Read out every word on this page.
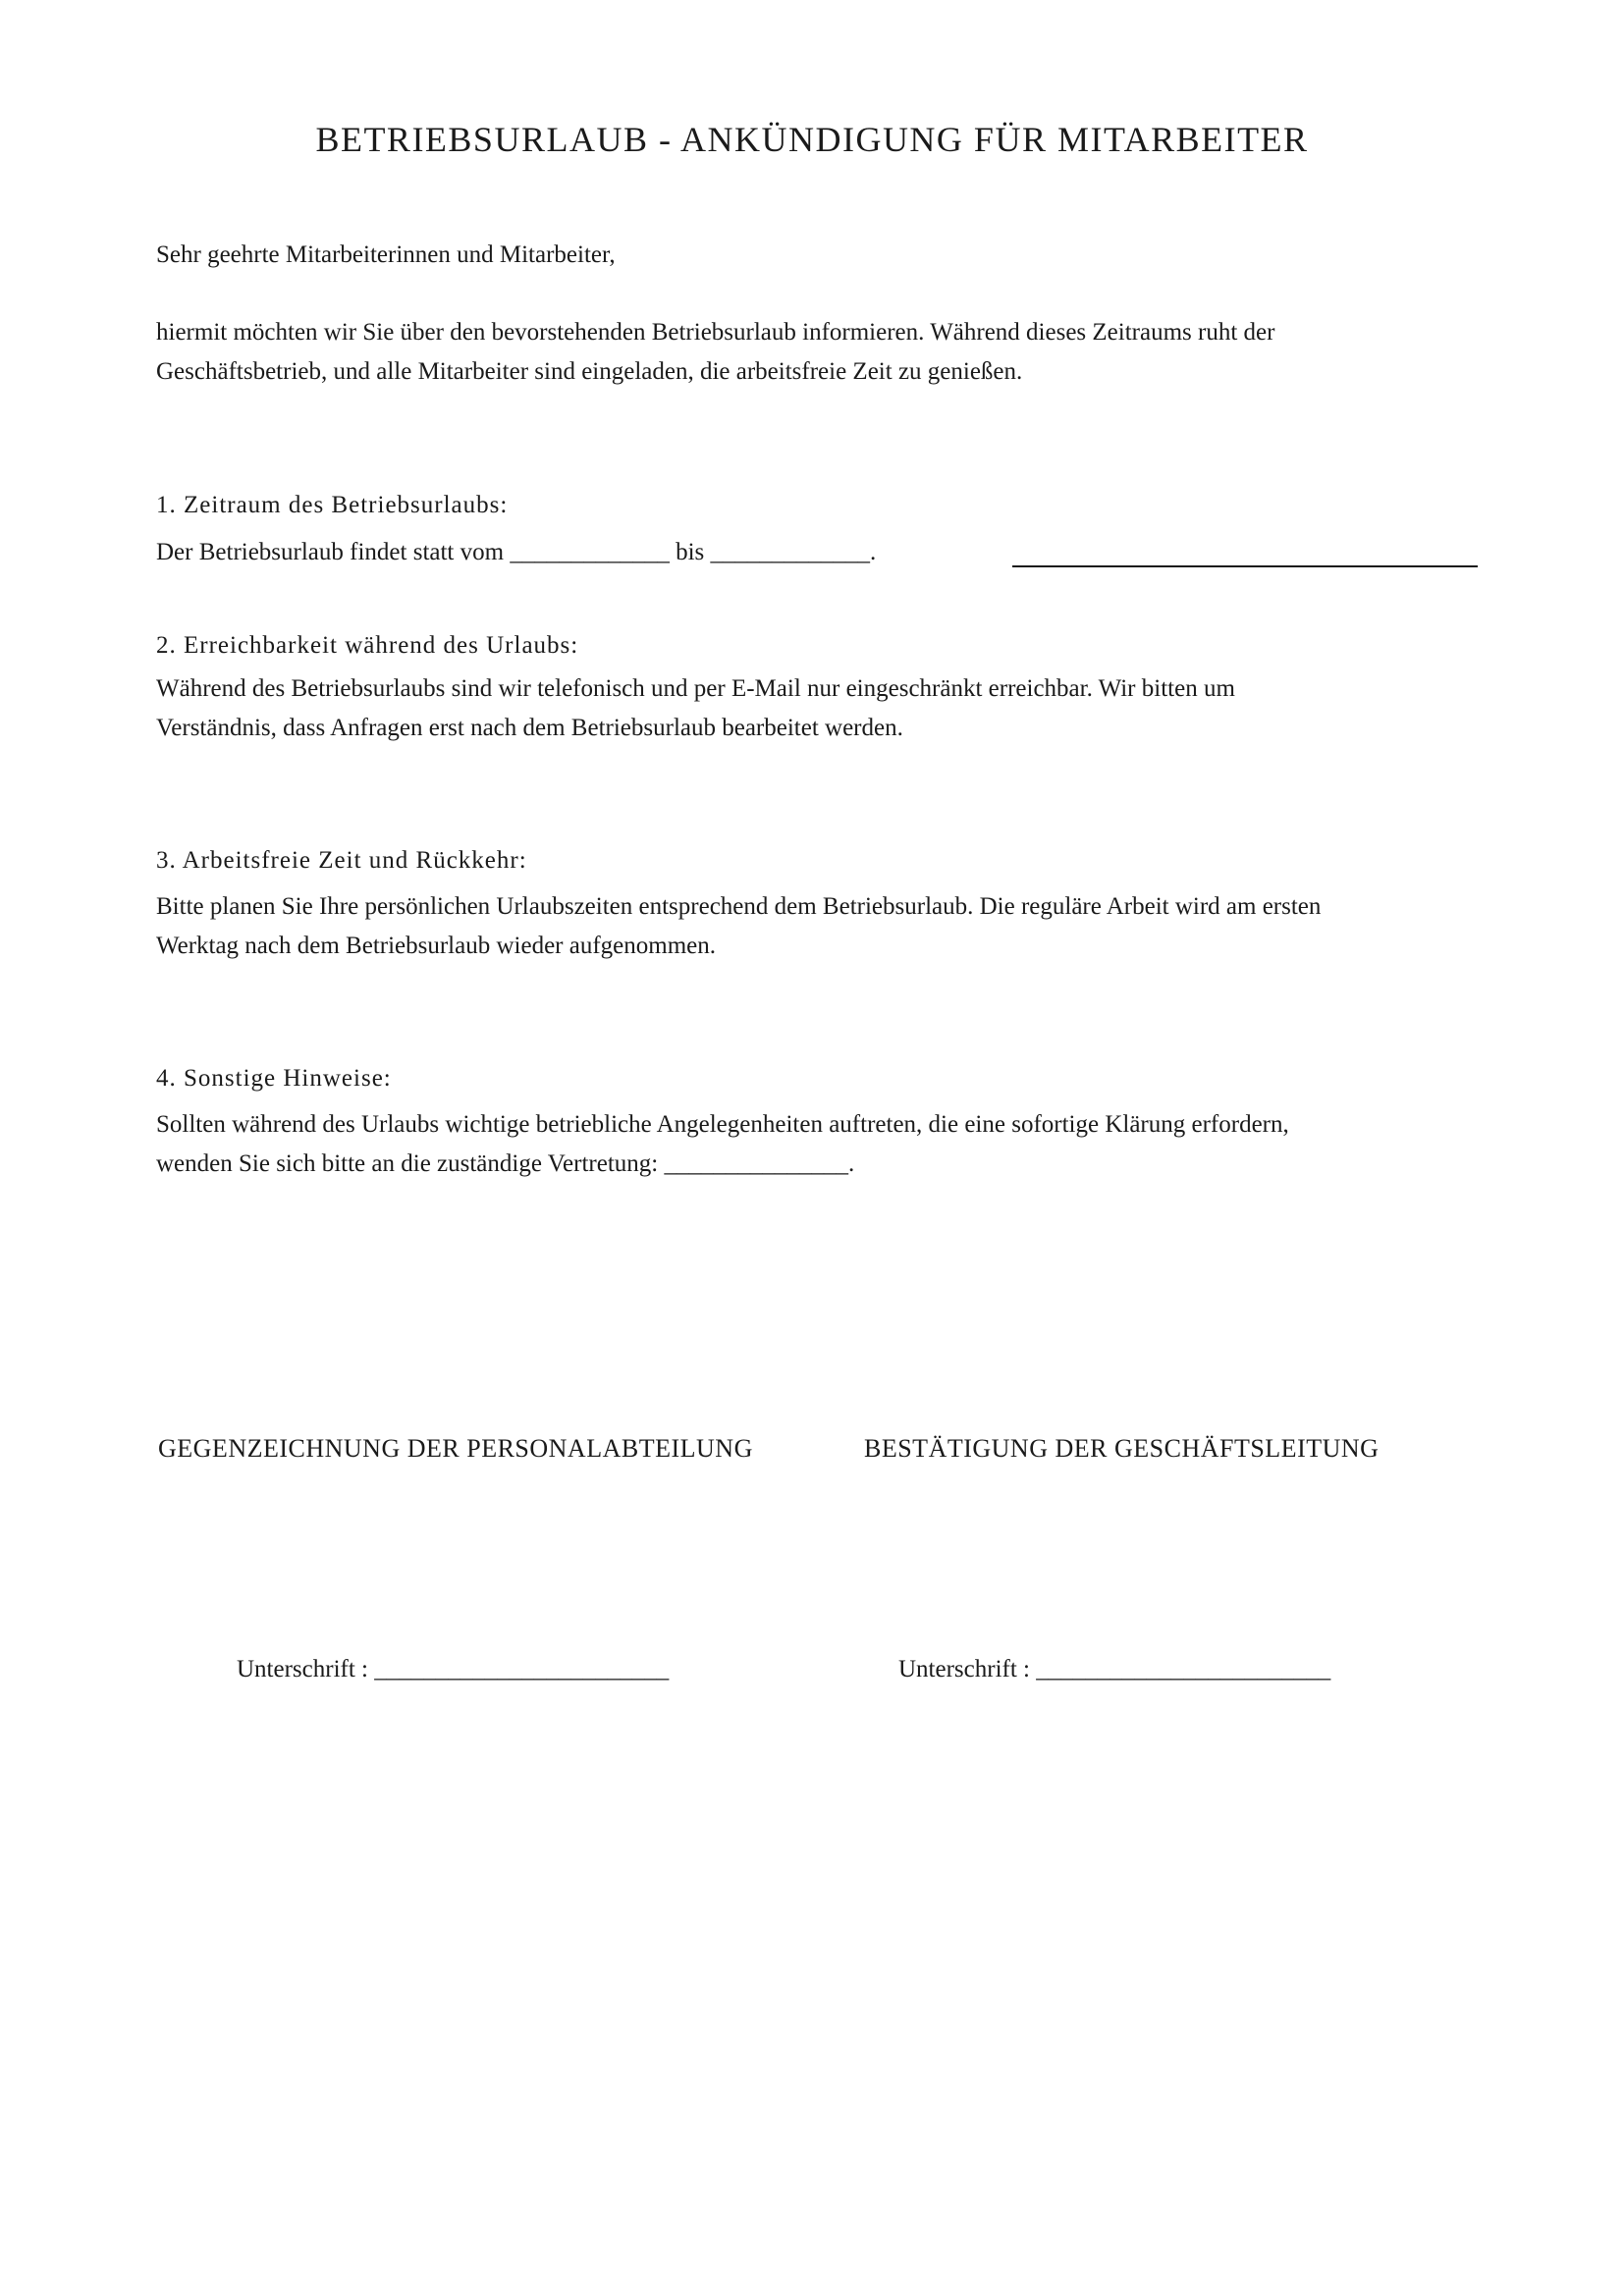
BETRIEBSURLAUB - ANKÜNDIGUNG FÜR MITARBEITER
Sehr geehrte Mitarbeiterinnen und Mitarbeiter,
hiermit möchten wir Sie über den bevorstehenden Betriebsurlaub informieren. Während dieses Zeitraums ruht der
Geschäftsbetrieb, und alle Mitarbeiter sind eingeladen, die arbeitsfreie Zeit zu genießen.
1. Zeitraum des Betriebsurlaubs:
Der Betriebsurlaub findet statt vom _____________ bis _____________.
2. Erreichbarkeit während des Urlaubs:
Während des Betriebsurlaubs sind wir telefonisch und per E-Mail nur eingeschränkt erreichbar. Wir bitten um
Verständnis, dass Anfragen erst nach dem Betriebsurlaub bearbeitet werden.
3. Arbeitsfreie Zeit und Rückkehr:
Bitte planen Sie Ihre persönlichen Urlaubszeiten entsprechend dem Betriebsurlaub. Die reguläre Arbeit wird am ersten
Werktag nach dem Betriebsurlaub wieder aufgenommen.
4. Sonstige Hinweise:
Sollten während des Urlaubs wichtige betriebliche Angelegenheiten auftreten, die eine sofortige Klärung erfordern,
wenden Sie sich bitte an die zuständige Vertretung: _______________.
GEGENZEICHNUNG DER PERSONALABTEILUNG	BESTÄTIGUNG DER GESCHÄFTSLEITUNG
Unterschrift : ________________________	Unterschrift : ________________________
